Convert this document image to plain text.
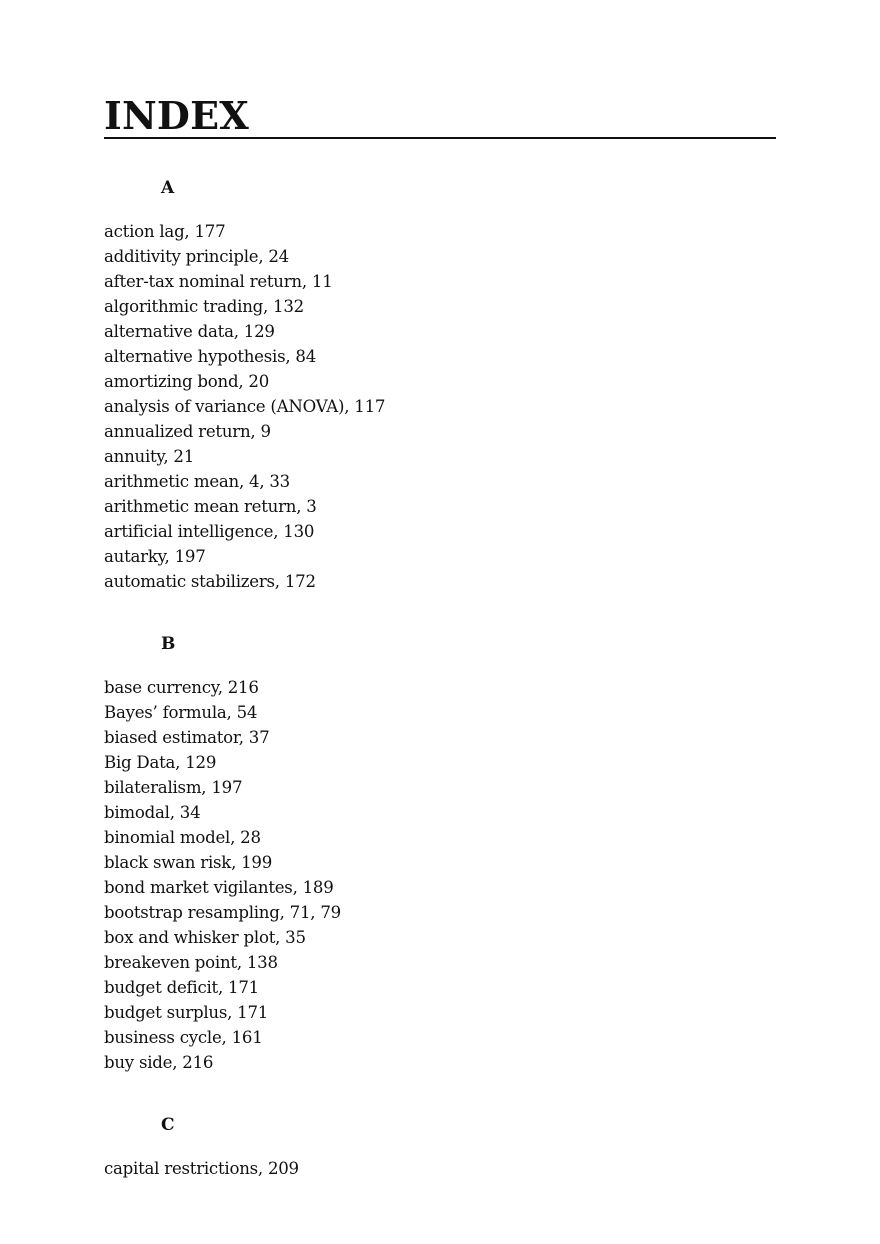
INDEX
A
action lag, 177
additivity principle, 24
after-tax nominal return, 11
algorithmic trading, 132
alternative data, 129
alternative hypothesis, 84
amortizing bond, 20
analysis of variance (ANOVA), 117
annualized return, 9
annuity, 21
arithmetic mean, 4, 33
arithmetic mean return, 3
artificial intelligence, 130
autarky, 197
automatic stabilizers, 172
B
base currency, 216
Bayes’ formula, 54
biased estimator, 37
Big Data, 129
bilateralism, 197
bimodal, 34
binomial model, 28
black swan risk, 199
bond market vigilantes, 189
bootstrap resampling, 71, 79
box and whisker plot, 35
breakeven point, 138
budget deficit, 171
budget surplus, 171
business cycle, 161
buy side, 216
C
capital restrictions, 209
